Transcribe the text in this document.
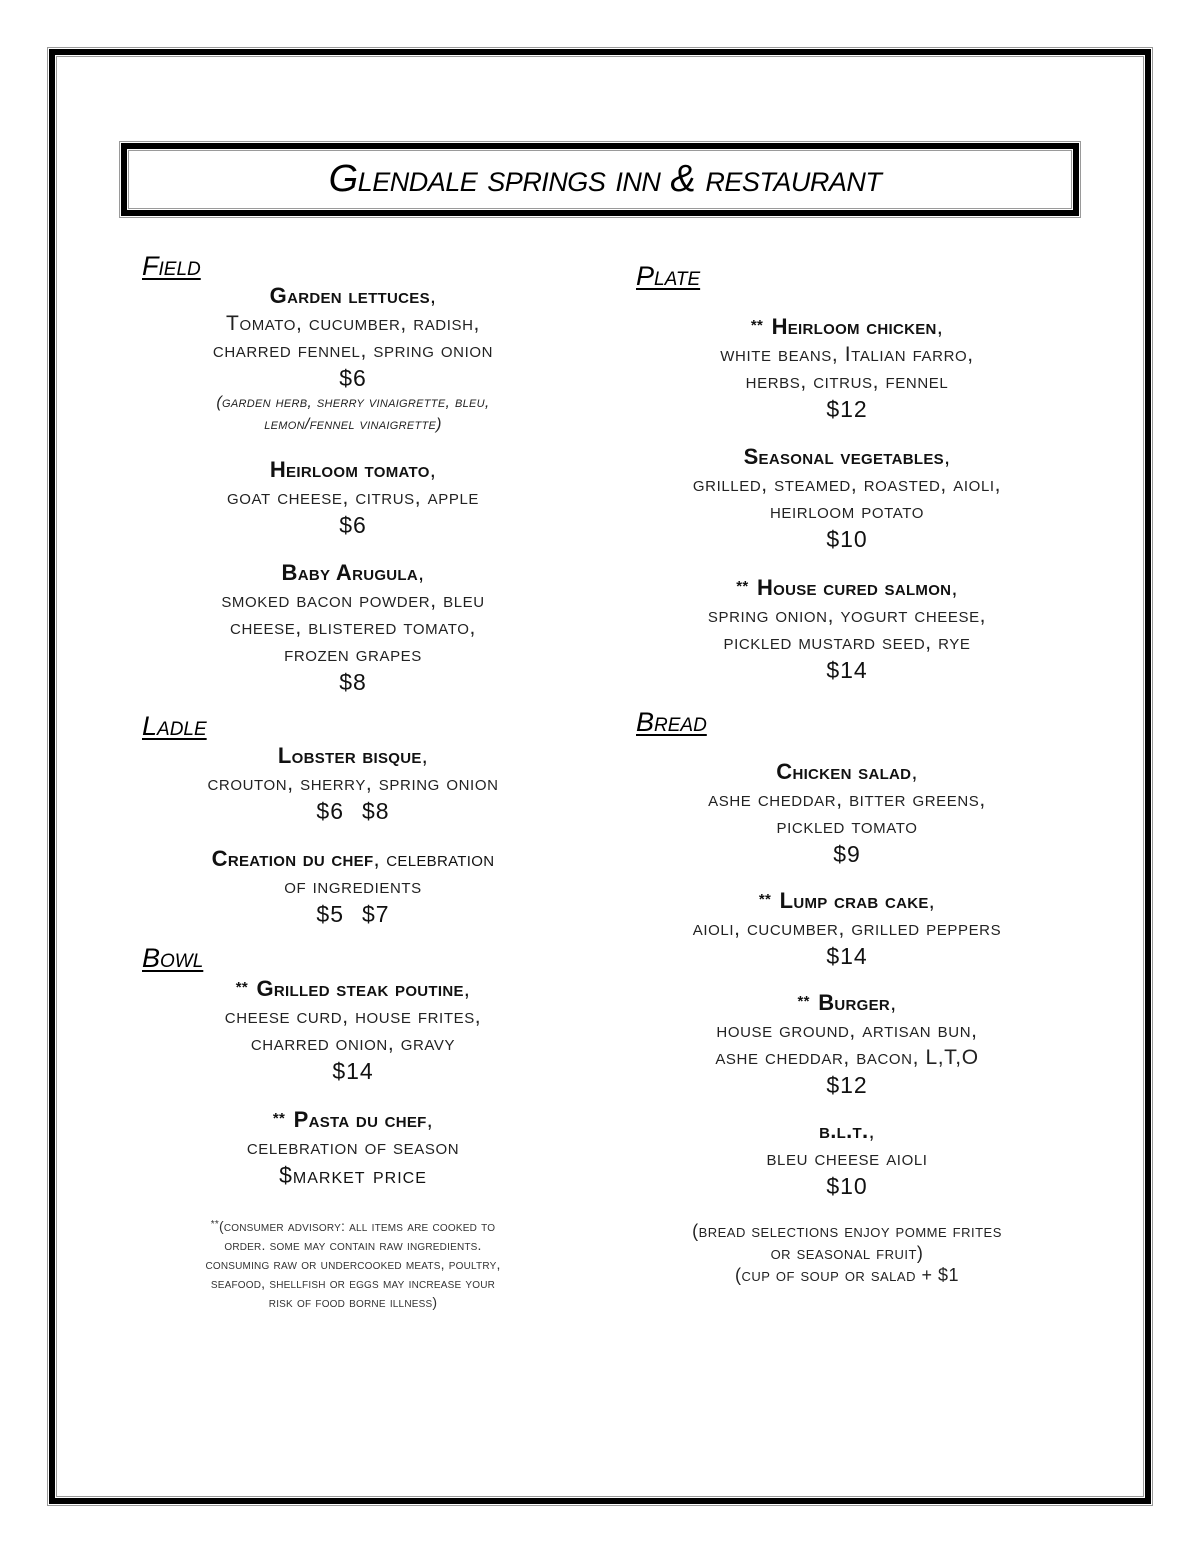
Glendale springs inn & restaurant
Field
Garden lettuces,
Tomato, cucumber, radish,
charred fennel, spring onion
$6
(garden herb, sherry vinaigrette, bleu,
lemon/fennel vinaigrette)
Heirloom tomato,
goat cheese, citrus, apple
$6
Baby Arugula,
smoked bacon powder, bleu
cheese, blistered tomato,
frozen grapes
$8
Ladle
Lobster bisque,
crouton, sherry, spring onion
$6 $8
Creation du chef, celebration
of ingredients
$5 $7
Bowl
** Grilled steak poutine,
cheese curd, house frites,
charred onion, gravy
$14
** Pasta du chef,
celebration of season
$market price
**(consumer advisory: all items are cooked to
order. some may contain raw ingredients.
consuming raw or undercooked meats, poultry,
seafood, shellfish or eggs may increase your
risk of food borne illness)
Plate
** Heirloom chicken,
white beans, Italian farro,
herbs, citrus, fennel
$12
Seasonal vegetables,
grilled, steamed, roasted, aioli,
heirloom potato
$10
** House cured salmon,
spring onion, yogurt cheese,
pickled mustard seed, rye
$14
Bread
Chicken salad,
ashe cheddar, bitter greens,
pickled tomato
$9
** Lump crab cake,
aioli, cucumber, grilled peppers
$14
** Burger,
house ground, artisan bun,
ashe cheddar, bacon, L,T,O
$12
b.l.t.,
bleu cheese aioli
$10
(bread selections enjoy pomme frites
or seasonal fruit)
(cup of soup or salad + $1
